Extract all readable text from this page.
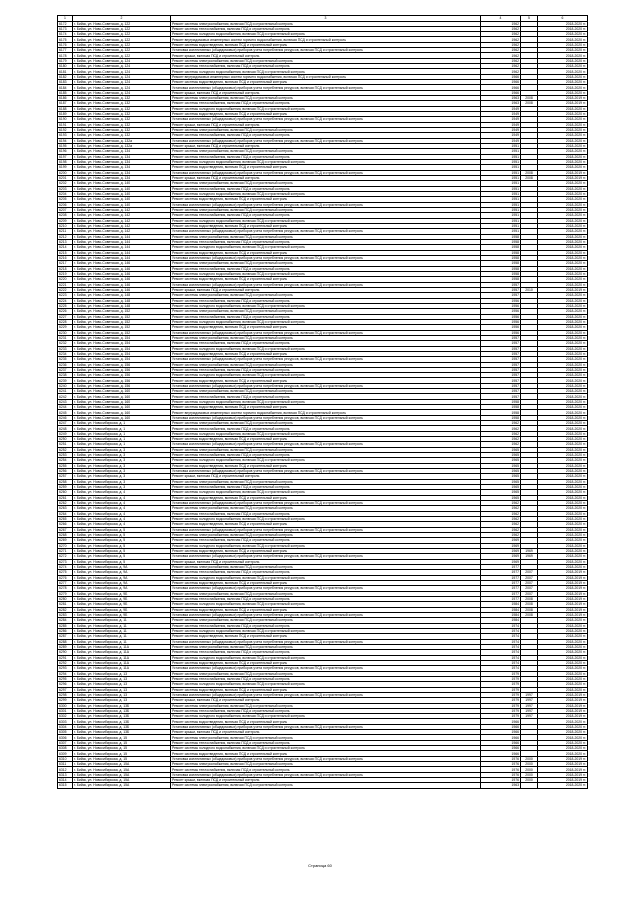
1	2	3	4	5	6
6172	г. Бийск, ул. Ново-Советская, д. 122	Ремонт системы электроснабжения, включая ПСД и строительный контроль	1962		2018-2020 гг.
6173	г. Бийск, ул. Ново-Советская, д. 122	Ремонт системы теплоснабжения, включая ПСД и строительный контроль	1962		2018-2020 гг.
6174	г. Бийск, ул. Ново-Советская, д. 122	Ремонт системы холодного водоснабжения, включая ПСД и строительный контроль	1962		2018-2020 гг.
6175	г. Бийск, ул. Ново-Советская, д. 122	Ремонт внутридомовых инженерных систем горячего водоснабжения, включая ПСД и строительный контроль	1962		2018-2020 гг.
6176	г. Бийск, ул. Ново-Советская, д. 122	Ремонт системы водоотведения, включая ПСД и строительный контроль	1962		2018-2020 гг.
6177	г. Бийск, ул. Ново-Советская, д. 122	Установка коллективных (общедомовых) приборов учета потребления ресурсов, включая ПСД и строительный контроль	1962		2018-2020 гг.
6178	г. Бийск, ул. Ново-Советская, д. 122	Ремонт крыши, включая ПСД и строительный контроль	1962		2018-2020 гг.
6179	г. Бийск, ул. Ново-Советская, д. 124	Ремонт системы электроснабжения, включая ПСД и строительный контроль	1962		2018-2020 гг.
6180	г. Бийск, ул. Ново-Советская, д. 124	Ремонт системы теплоснабжения, включая ПСД и строительный контроль	1962		2018-2020 гг.
6181	г. Бийск, ул. Ново-Советская, д. 124	Ремонт системы холодного водоснабжения, включая ПСД и строительный контроль	1962		2018-2020 гг.
6182	г. Бийск, ул. Ново-Советская, д. 124	Ремонт внутридомовых инженерных систем горячего водоснабжения, включая ПСД и строительный контроль	1966		2018-2020 гг.
6183	г. Бийск, ул. Ново-Советская, д. 124	Ремонт системы водоотведения, включая ПСД и строительный контроль	1966		2018-2020 гг.
6184	г. Бийск, ул. Ново-Советская, д. 124	Установка коллективных (общедомовых) приборов учета потребления ресурсов, включая ПСД и строительный контроль	1966		2018-2020 гг.
6185	г. Бийск, ул. Ново-Советская, д. 124	Ремонт крыши, включая ПСД и строительный контроль	1966		2018-2020 гг.
6186	г. Бийск, ул. Ново-Советская, д. 132	Ремонт системы электроснабжения, включая ПСД и строительный контроль	1963	2008	2018-2019 гг.
6187	г. Бийск, ул. Ново-Советская, д. 132	Ремонт системы теплоснабжения, включая ПСД и строительный контроль	1963	2008	2018-2019 гг.
6188	г. Бийск, ул. Ново-Советская, д. 132	Ремонт системы холодного водоснабжения, включая ПСД и строительный контроль	1949		2018-2020 гг.
6189	г. Бийск, ул. Ново-Советская, д. 132	Ремонт системы водоотведения, включая ПСД и строительный контроль	1949		2018-2020 гг.
6190	г. Бийск, ул. Ново-Советская, д. 132	Установка коллективных (общедомовых) приборов учета потребления ресурсов, включая ПСД и строительный контроль	1949		2018-2020 гг.
6191	г. Бийск, ул. Ново-Советская, д. 132	Ремонт крыши, включая ПСД и строительный контроль	1949		2018-2020 гг.
6192	г. Бийск, ул. Ново-Советская, д. 132	Ремонт системы электроснабжения, включая ПСД и строительный контроль	1949		2018-2020 гг.
6193	г. Бийск, ул. Ново-Советская, д. 132	Ремонт системы теплоснабжения, включая ПСД и строительный контроль	1949		2018-2020 гг.
6194	г. Бийск, ул. Ново-Советская, д. 132а	Установка коллективных (общедомовых) приборов учета потребления ресурсов, включая ПСД и строительный контроль	1949		2018-2020 гг.
6195	г. Бийск, ул. Ново-Советская, д. 132а	Ремонт крыши, включая ПСД и строительный контроль	1951		2018-2020 гг.
6196	г. Бийск, ул. Ново-Советская, д. 134	Ремонт системы электроснабжения, включая ПСД и строительный контроль	1951		2018-2020 гг.
6197	г. Бийск, ул. Ново-Советская, д. 134	Ремонт системы теплоснабжения, включая ПСД и строительный контроль	1951		2018-2020 гг.
6198	г. Бийск, ул. Ново-Советская, д. 134	Ремонт системы холодного водоснабжения, включая ПСД и строительный контроль	1951		2018-2020 гг.
6199	г. Бийск, ул. Ново-Советская, д. 134	Ремонт системы водоотведения, включая ПСД и строительный контроль	1951		2018-2020 гг.
6200	г. Бийск, ул. Ново-Советская, д. 134	Установка коллективных (общедомовых) приборов учета потребления ресурсов, включая ПСД и строительный контроль	1951	2008	2018-2019 гг.
6201	г. Бийск, ул. Ново-Советская, д. 134	Ремонт крыши, включая ПСД и строительный контроль	1951	2008	2018-2019 гг.
6202	г. Бийск, ул. Ново-Советская, д. 140	Ремонт системы электроснабжения, включая ПСД и строительный контроль	1951		2018-2020 гг.
6203	г. Бийск, ул. Ново-Советская, д. 140	Ремонт системы теплоснабжения, включая ПСД и строительный контроль	1951		2018-2020 гг.
6204	г. Бийск, ул. Ново-Советская, д. 140	Ремонт системы холодного водоснабжения, включая ПСД и строительный контроль	1951		2018-2020 гг.
6205	г. Бийск, ул. Ново-Советская, д. 140	Ремонт системы водоотведения, включая ПСД и строительный контроль	1951		2018-2020 гг.
6206	г. Бийск, ул. Ново-Советская, д. 140	Установка коллективных (общедомовых) приборов учета потребления ресурсов, включая ПСД и строительный контроль	1951		2018-2020 гг.
6207	г. Бийск, ул. Ново-Советская, д. 142	Ремонт системы электроснабжения, включая ПСД и строительный контроль	1951		2018-2020 гг.
6208	г. Бийск, ул. Ново-Советская, д. 142	Ремонт системы теплоснабжения, включая ПСД и строительный контроль	1951		2018-2020 гг.
6209	г. Бийск, ул. Ново-Советская, д. 142	Ремонт системы холодного водоснабжения, включая ПСД и строительный контроль	1951		2018-2020 гг.
6210	г. Бийск, ул. Ново-Советская, д. 142	Ремонт системы водоотведения, включая ПСД и строительный контроль	1951		2018-2020 гг.
6211	г. Бийск, ул. Ново-Советская, д. 142	Установка коллективных (общедомовых) приборов учета потребления ресурсов, включая ПСД и строительный контроль	1951		2018-2020 гг.
6212	г. Бийск, ул. Ново-Советская, д. 144	Ремонт системы электроснабжения, включая ПСД и строительный контроль	1958		2018-2020 гг.
6213	г. Бийск, ул. Ново-Советская, д. 144	Ремонт системы теплоснабжения, включая ПСД и строительный контроль	1958		2018-2020 гг.
6214	г. Бийск, ул. Ново-Советская, д. 144	Ремонт системы холодного водоснабжения, включая ПСД и строительный контроль	1958		2018-2020 гг.
6215	г. Бийск, ул. Ново-Советская, д. 144	Ремонт системы водоотведения, включая ПСД и строительный контроль	1958		2018-2020 гг.
6216	г. Бийск, ул. Ново-Советская, д. 144	Установка коллективных (общедомовых) приборов учета потребления ресурсов, включая ПСД и строительный контроль	1958		2018-2020 гг.
6217	г. Бийск, ул. Ново-Советская, д. 146	Ремонт системы электроснабжения, включая ПСД и строительный контроль	1958		2018-2020 гг.
6218	г. Бийск, ул. Ново-Советская, д. 146	Ремонт системы теплоснабжения, включая ПСД и строительный контроль	1958		2018-2020 гг.
6219	г. Бийск, ул. Ново-Советская, д. 146	Ремонт системы холодного водоснабжения, включая ПСД и строительный контроль	1958		2018-2020 гг.
6220	г. Бийск, ул. Ново-Советская, д. 146	Ремонт системы водоотведения, включая ПСД и строительный контроль	1958		2018-2020 гг.
6221	г. Бийск, ул. Ново-Советская, д. 146	Установка коллективных (общедомовых) приборов учета потребления ресурсов, включая ПСД и строительный контроль	1957		2018-2020 гг.
6222	г. Бийск, ул. Ново-Советская, д. 146	Ремонт крыши, включая ПСД и строительный контроль	1957	2010	2018-2019 гг.
6223	г. Бийск, ул. Ново-Советская, д. 148	Ремонт системы электроснабжения, включая ПСД и строительный контроль	1957		2018-2020 гг.
6224	г. Бийск, ул. Ново-Советская, д. 148	Ремонт системы теплоснабжения, включая ПСД и строительный контроль	1956		2018-2020 гг.
6225	г. Бийск, ул. Ново-Советская, д. 148	Ремонт системы холодного водоснабжения, включая ПСД и строительный контроль	1956		2018-2020 гг.
6226	г. Бийск, ул. Ново-Советская, д. 152	Ремонт системы электроснабжения, включая ПСД и строительный контроль	1956		2018-2020 гг.
6227	г. Бийск, ул. Ново-Советская, д. 152	Ремонт системы теплоснабжения, включая ПСД и строительный контроль	1956		2018-2020 гг.
6228	г. Бийск, ул. Ново-Советская, д. 152	Ремонт системы холодного водоснабжения, включая ПСД и строительный контроль	1956		2018-2020 гг.
6229	г. Бийск, ул. Ново-Советская, д. 152	Ремонт системы водоотведения, включая ПСД и строительный контроль	1956		2018-2020 гг.
6230	г. Бийск, ул. Ново-Советская, д. 152	Установка коллективных (общедомовых) приборов учета потребления ресурсов, включая ПСД и строительный контроль	1956		2018-2020 гг.
6231	г. Бийск, ул. Ново-Советская, д. 154	Ремонт системы электроснабжения, включая ПСД и строительный контроль	1957		2018-2020 гг.
6232	г. Бийск, ул. Ново-Советская, д. 154	Ремонт системы теплоснабжения, включая ПСД и строительный контроль	1957		2018-2020 гг.
6233	г. Бийск, ул. Ново-Советская, д. 154	Ремонт системы холодного водоснабжения, включая ПСД и строительный контроль	1957		2018-2020 гг.
6234	г. Бийск, ул. Ново-Советская, д. 154	Ремонт системы водоотведения, включая ПСД и строительный контроль	1957		2018-2020 гг.
6235	г. Бийск, ул. Ново-Советская, д. 154	Установка коллективных (общедомовых) приборов учета потребления ресурсов, включая ПСД и строительный контроль	1957		2018-2020 гг.
6236	г. Бийск, ул. Ново-Советская, д. 156	Ремонт системы электроснабжения, включая ПСД и строительный контроль	1957		2018-2020 гг.
6237	г. Бийск, ул. Ново-Советская, д. 156	Ремонт системы теплоснабжения, включая ПСД и строительный контроль	1957		2018-2020 гг.
6238	г. Бийск, ул. Ново-Советская, д. 156	Ремонт системы холодного водоснабжения, включая ПСД и строительный контроль	1957		2018-2020 гг.
6239	г. Бийск, ул. Ново-Советская, д. 156	Ремонт системы водоотведения, включая ПСД и строительный контроль	1957		2018-2020 гг.
6240	г. Бийск, ул. Ново-Советская, д. 156	Установка коллективных (общедомовых) приборов учета потребления ресурсов, включая ПСД и строительный контроль	1957		2018-2020 гг.
6241	г. Бийск, ул. Ново-Советская, д. 160	Ремонт системы электроснабжения, включая ПСД и строительный контроль	1957		2018-2020 гг.
6242	г. Бийск, ул. Ново-Советская, д. 160	Ремонт системы теплоснабжения, включая ПСД и строительный контроль	1957		2018-2020 гг.
6243	г. Бийск, ул. Ново-Советская, д. 160	Ремонт системы холодного водоснабжения, включая ПСД и строительный контроль	1958		2018-2020 гг.
6244	г. Бийск, ул. Ново-Советская, д. 160	Ремонт системы водоотведения, включая ПСД и строительный контроль	1958		2018-2020 гг.
6245	г. Бийск, ул. Ново-Советская, д. 160	Ремонт внутридомовых инженерных систем горячего водоснабжения, включая ПСД и строительный контроль	1958		2018-2020 гг.
6246	г. Бийск, ул. Ново-Советская, д. 160	Установка коллективных (общедомовых) приборов учета потребления ресурсов, включая ПСД и строительный контроль	1958		2018-2020 гг.
6247	г. Бийск, ул. Новосибирская, д. 1	Ремонт системы электроснабжения, включая ПСД и строительный контроль	1962		2018-2020 гг.
6248	г. Бийск, ул. Новосибирская, д. 1	Ремонт системы теплоснабжения, включая ПСД и строительный контроль	1962		2018-2020 гг.
6249	г. Бийск, ул. Новосибирская, д. 1	Ремонт системы холодного водоснабжения, включая ПСД и строительный контроль	1962		2018-2020 гг.
6250	г. Бийск, ул. Новосибирская, д. 1	Ремонт системы водоотведения, включая ПСД и строительный контроль	1962		2018-2020 гг.
6251	г. Бийск, ул. Новосибирская, д. 1	Установка коллективных (общедомовых) приборов учета потребления ресурсов, включая ПСД и строительный контроль	1962		2018-2020 гг.
6252	г. Бийск, ул. Новосибирская, д. 3	Ремонт системы электроснабжения, включая ПСД и строительный контроль	1965		2018-2020 гг.
6253	г. Бийск, ул. Новосибирская, д. 3	Ремонт системы теплоснабжения, включая ПСД и строительный контроль	1965		2018-2020 гг.
6254	г. Бийск, ул. Новосибирская, д. 3	Ремонт системы холодного водоснабжения, включая ПСД и строительный контроль	1965		2018-2020 гг.
6255	г. Бийск, ул. Новосибирская, д. 3	Ремонт системы водоотведения, включая ПСД и строительный контроль	1965		2018-2020 гг.
6256	г. Бийск, ул. Новосибирская, д. 3	Установка коллективных (общедомовых) приборов учета потребления ресурсов, включая ПСД и строительный контроль	1965		2018-2020 гг.
6257	г. Бийск, ул. Новосибирская, д. 3	Ремонт крыши, включая ПСД и строительный контроль	1965		2018-2020 гг.
6258	г. Бийск, ул. Новосибирская, д. 3	Ремонт системы электроснабжения, включая ПСД и строительный контроль	1965		2018-2020 гг.
6259	г. Бийск, ул. Новосибирская, д. 3	Ремонт системы теплоснабжения, включая ПСД и строительный контроль	1965		2018-2020 гг.
6260	г. Бийск, ул. Новосибирская, д. 4	Ремонт системы холодного водоснабжения, включая ПСД и строительный контроль	1965		2018-2020 гг.
6261	г. Бийск, ул. Новосибирская, д. 4	Ремонт системы водоотведения, включая ПСД и строительный контроль	1965		2018-2020 гг.
6262	г. Бийск, ул. Новосибирская, д. 4	Установка коллективных (общедомовых) приборов учета потребления ресурсов, включая ПСД и строительный контроль	1962		2018-2020 гг.
6263	г. Бийск, ул. Новосибирская, д. 4	Ремонт системы электроснабжения, включая ПСД и строительный контроль	1962		2018-2020 гг.
6264	г. Бийск, ул. Новосибирская, д. 4	Ремонт системы теплоснабжения, включая ПСД и строительный контроль	1962		2018-2020 гг.
6265	г. Бийск, ул. Новосибирская, д. 4	Ремонт системы холодного водоснабжения, включая ПСД и строительный контроль	1962		2018-2020 гг.
6266	г. Бийск, ул. Новосибирская, д. 4	Ремонт системы водоотведения, включая ПСД и строительный контроль	1962		2018-2020 гг.
6267	г. Бийск, ул. Новосибирская, д. 5	Установка коллективных (общедомовых) приборов учета потребления ресурсов, включая ПСД и строительный контроль	1962		2018-2020 гг.
6268	г. Бийск, ул. Новосибирская, д. 5	Ремонт системы электроснабжения, включая ПСД и строительный контроль	1962		2018-2020 гг.
6269	г. Бийск, ул. Новосибирская, д. 5	Ремонт системы теплоснабжения, включая ПСД и строительный контроль	1969		2018-2020 гг.
6270	г. Бийск, ул. Новосибирская, д. 5	Ремонт системы холодного водоснабжения, включая ПСД и строительный контроль	1969		2018-2020 гг.
6271	г. Бийск, ул. Новосибирская, д. 5	Ремонт системы водоотведения, включая ПСД и строительный контроль	1969	1969	2018-2020 гг.
6272	г. Бийск, ул. Новосибирская, д. 5	Установка коллективных (общедомовых) приборов учета потребления ресурсов, включая ПСД и строительный контроль	1969	1969	2018-2020 гг.
6273	г. Бийск, ул. Новосибирская, д. 5	Ремонт крыши, включая ПСД и строительный контроль	1969		2018-2020 гг.
6274	г. Бийск, ул. Новосибирская, д. 9А	Ремонт системы электроснабжения, включая ПСД и строительный контроль	1977		2018-2020 гг.
6275	г. Бийск, ул. Новосибирская, д. 9А	Ремонт системы теплоснабжения, включая ПСД и строительный контроль	1977	2007	2018-2019 гг.
6276	г. Бийск, ул. Новосибирская, д. 9А	Ремонт системы холодного водоснабжения, включая ПСД и строительный контроль	1977	2007	2018-2019 гг.
6277	г. Бийск, ул. Новосибирская, д. 9А	Ремонт системы водоотведения, включая ПСД и строительный контроль	1977	2007	2018-2019 гг.
6278	г. Бийск, ул. Новосибирская, д. 9А	Установка коллективных (общедомовых) приборов учета потребления ресурсов, включая ПСД и строительный контроль	1977	2007	2018-2019 гг.
6279	г. Бийск, ул. Новосибирская, д. 9Б	Ремонт системы электроснабжения, включая ПСД и строительный контроль	1977	2007	2018-2019 гг.
6280	г. Бийск, ул. Новосибирская, д. 9Б	Ремонт системы теплоснабжения, включая ПСД и строительный контроль	1977	2008	2018-2019 гг.
6281	г. Бийск, ул. Новосибирская, д. 9Б	Ремонт системы холодного водоснабжения, включая ПСД и строительный контроль	1984	2008	2018-2019 гг.
6282	г. Бийск, ул. Новосибирская, д. 9Б	Ремонт системы водоотведения, включая ПСД и строительный контроль	1984	2008	2018-2019 гг.
6283	г. Бийск, ул. Новосибирская, д. 9Б	Установка коллективных (общедомовых) приборов учета потребления ресурсов, включая ПСД и строительный контроль	1984	2008	2018-2019 гг.
6284	г. Бийск, ул. Новосибирская, д. 11	Ремонт системы электроснабжения, включая ПСД и строительный контроль	1984		2018-2020 гг.
6285	г. Бийск, ул. Новосибирская, д. 11	Ремонт системы теплоснабжения, включая ПСД и строительный контроль	1974		2018-2020 гг.
6286	г. Бийск, ул. Новосибирская, д. 11	Ремонт системы холодного водоснабжения, включая ПСД и строительный контроль	1974		2018-2020 гг.
6287	г. Бийск, ул. Новосибирская, д. 11	Ремонт системы водоотведения, включая ПСД и строительный контроль	1974		2018-2020 гг.
6288	г. Бийск, ул. Новосибирская, д. 11	Установка коллективных (общедомовых) приборов учета потребления ресурсов, включая ПСД и строительный контроль	1974		2018-2020 гг.
6289	г. Бийск, ул. Новосибирская, д. 11А	Ремонт системы электроснабжения, включая ПСД и строительный контроль	1974		2018-2020 гг.
6290	г. Бийск, ул. Новосибирская, д. 11А	Ремонт системы теплоснабжения, включая ПСД и строительный контроль	1974		2018-2020 гг.
6291	г. Бийск, ул. Новосибирская, д. 11А	Ремонт системы холодного водоснабжения, включая ПСД и строительный контроль	1974		2018-2020 гг.
6292	г. Бийск, ул. Новосибирская, д. 11А	Ремонт системы водоотведения, включая ПСД и строительный контроль	1974		2018-2020 гг.
6293	г. Бийск, ул. Новосибирская, д. 11А	Установка коллективных (общедомовых) приборов учета потребления ресурсов, включая ПСД и строительный контроль	1974		2018-2020 гг.
6294	г. Бийск, ул. Новосибирская, д. 13	Ремонт системы электроснабжения, включая ПСД и строительный контроль	1979		2018-2020 гг.
6295	г. Бийск, ул. Новосибирская, д. 13	Ремонт системы теплоснабжения, включая ПСД и строительный контроль	1979		2018-2020 гг.
6296	г. Бийск, ул. Новосибирская, д. 13	Ремонт системы холодного водоснабжения, включая ПСД и строительный контроль	1979		2018-2020 гг.
6297	г. Бийск, ул. Новосибирская, д. 13	Ремонт системы водоотведения, включая ПСД и строительный контроль	1979		2018-2020 гг.
6298	г. Бийск, ул. Новосибирская, д. 13	Установка коллективных (общедомовых) приборов учета потребления ресурсов, включая ПСД и строительный контроль	1979	1997	2018-2019 гг.
6299	г. Бийск, ул. Новосибирская, д. 13	Ремонт крыши, включая ПСД и строительный контроль	1979	1997	2018-2019 гг.
6300	г. Бийск, ул. Новосибирская, д. 13Б	Ремонт системы электроснабжения, включая ПСД и строительный контроль	1979	1997	2018-2019 гг.
6301	г. Бийск, ул. Новосибирская, д. 13Б	Ремонт системы теплоснабжения, включая ПСД и строительный контроль	1979	1997	2018-2019 гг.
6302	г. Бийск, ул. Новосибирская, д. 13Б	Ремонт системы холодного водоснабжения, включая ПСД и строительный контроль	1979	1997	2018-2019 гг.
6303	г. Бийск, ул. Новосибирская, д. 13Б	Ремонт системы водоотведения, включая ПСД и строительный контроль	1966		2018-2020 гг.
6304	г. Бийск, ул. Новосибирская, д. 13Б	Установка коллективных (общедомовых) приборов учета потребления ресурсов, включая ПСД и строительный контроль	1966		2018-2020 гг.
6305	г. Бийск, ул. Новосибирская, д. 13Б	Ремонт крыши, включая ПСД и строительный контроль	1966		2018-2020 гг.
6306	г. Бийск, ул. Новосибирская, д. 15	Ремонт системы электроснабжения, включая ПСД и строительный контроль	1966		2018-2020 гг.
6307	г. Бийск, ул. Новосибирская, д. 15	Ремонт системы теплоснабжения, включая ПСД и строительный контроль	1966		2018-2020 гг.
6308	г. Бийск, ул. Новосибирская, д. 15	Ремонт системы холодного водоснабжения, включая ПСД и строительный контроль	1966		2018-2020 гг.
6309	г. Бийск, ул. Новосибирская, д. 15	Ремонт системы водоотведения, включая ПСД и строительный контроль	1966		2018-2020 гг.
6310	г. Бийск, ул. Новосибирская, д. 15	Установка коллективных (общедомовых) приборов учета потребления ресурсов, включая ПСД и строительный контроль	1976	2000	2018-2019 гг.
6311	г. Бийск, ул. Новосибирская, д. 15А	Ремонт системы электроснабжения, включая ПСД и строительный контроль	1976	2000	2018-2019 гг.
6312	г. Бийск, ул. Новосибирская, д. 15А	Ремонт системы теплоснабжения, включая ПСД и строительный контроль	1976	2000	2018-2019 гг.
6313	г. Бийск, ул. Новосибирская, д. 15А	Установка коллективных (общедомовых) приборов учета потребления ресурсов, включая ПСД и строительный контроль	1976	2000	2018-2019 гг.
6314	г. Бийск, ул. Новосибирская, д. 15А	Ремонт крыши, включая ПСД и строительный контроль	1976	2000	2018-2019 гг.
6315	г. Бийск, ул. Новосибирская, д. 15А	Ремонт системы электроснабжения, включая ПСД и строительный контроль	1963		2018-2020 гг.
Страница 60
